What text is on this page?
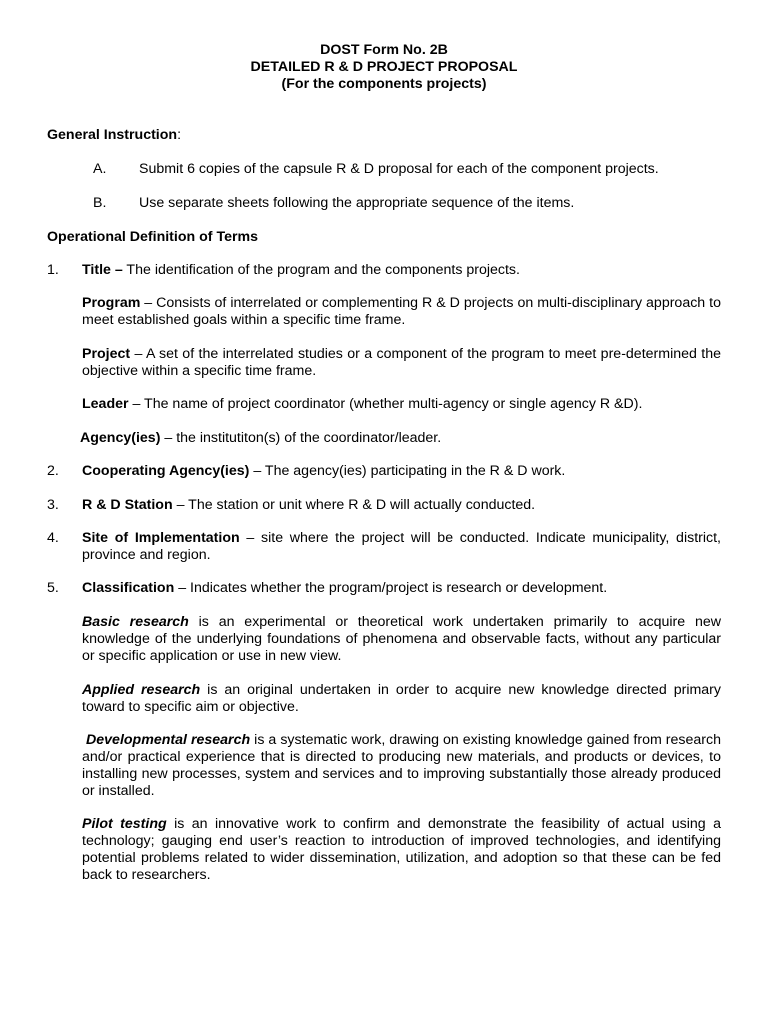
DOST Form No. 2B
DETAILED R & D PROJECT PROPOSAL
(For the components projects)
General Instruction:
A. Submit 6 copies of the capsule R & D proposal for each of the component projects.
B. Use separate sheets following the appropriate sequence of the items.
Operational Definition of Terms
1. Title – The identification of the program and the components projects.
Program – Consists of interrelated or complementing R & D projects on multi-disciplinary approach to meet established goals within a specific time frame.
Project – A set of the interrelated studies or a component of the program to meet pre-determined the objective within a specific time frame.
Leader – The name of project coordinator (whether multi-agency or single agency R &D).
Agency(ies) – the institutiton(s) of the coordinator/leader.
2. Cooperating Agency(ies) – The agency(ies) participating in the R & D work.
3. R & D Station – The station or unit where R & D will actually conducted.
4. Site of Implementation – site where the project will be conducted. Indicate municipality, district, province and region.
5. Classification – Indicates whether the program/project is research or development.
Basic research is an experimental or theoretical work undertaken primarily to acquire new knowledge of the underlying foundations of phenomena and observable facts, without any particular or specific application or use in new view.
Applied research is an original undertaken in order to acquire new knowledge directed primary toward to specific aim or objective.
Developmental research is a systematic work, drawing on existing knowledge gained from research and/or practical experience that is directed to producing new materials, and products or devices, to installing new processes, system and services and to improving substantially those already produced or installed.
Pilot testing is an innovative work to confirm and demonstrate the feasibility of actual using a technology; gauging end user’s reaction to introduction of improved technologies, and identifying potential problems related to wider dissemination, utilization, and adoption so that these can be fed back to researchers.
